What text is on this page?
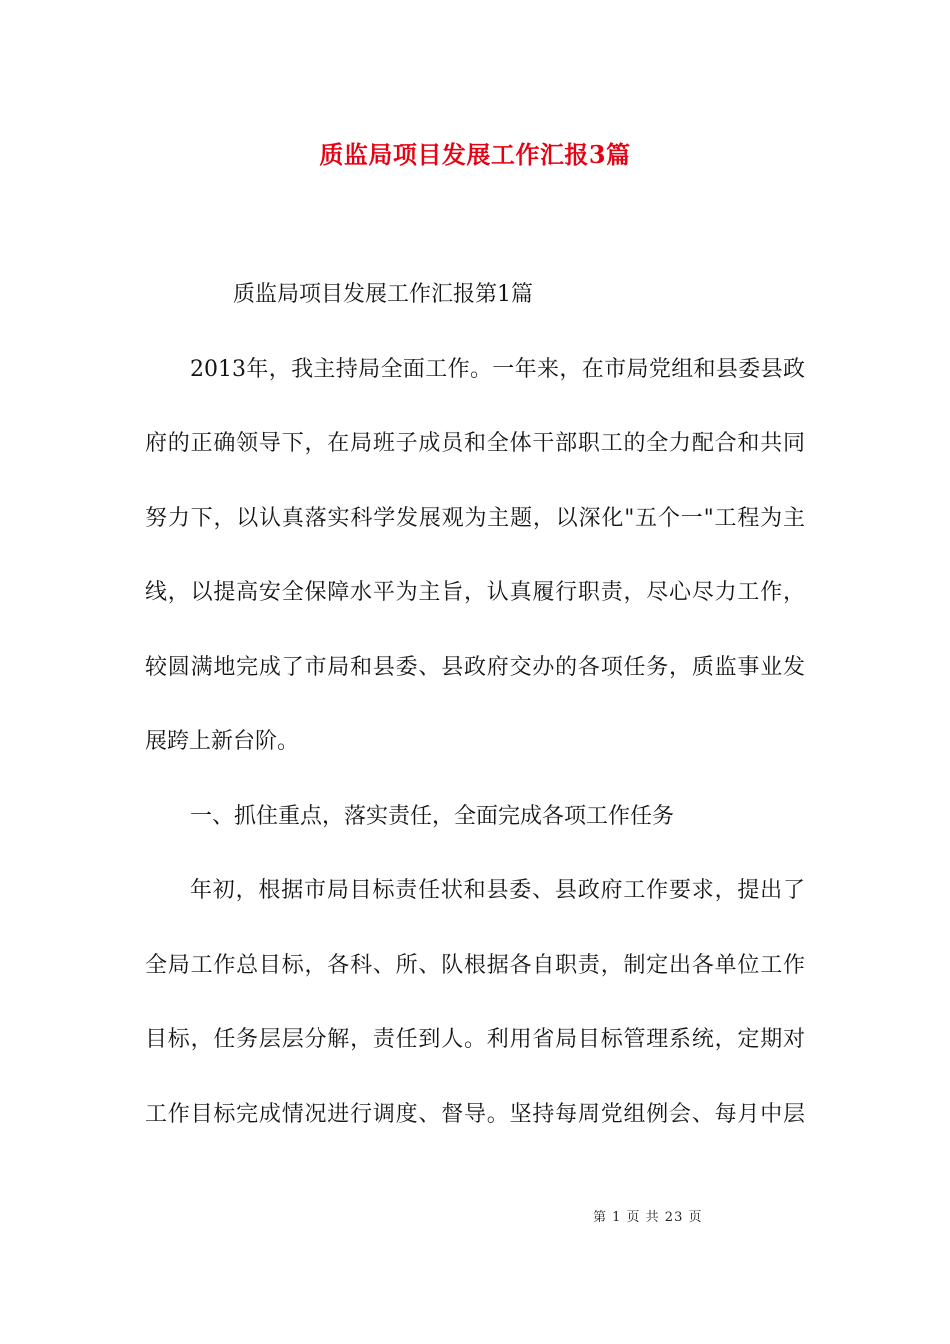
质监局项目发展工作汇报3篇
质监局项目发展工作汇报第1篇
2013年，我主持局全面工作。一年来，在市局党组和县委县政
府的正确领导下，在局班子成员和全体干部职工的全力配合和共同
努力下，以认真落实科学发展观为主题，以深化"五个一"工程为主
线，以提高安全保障水平为主旨，认真履行职责，尽心尽力工作，
较圆满地完成了市局和县委、县政府交办的各项任务，质监事业发
展跨上新台阶。
一、抓住重点，落实责任，全面完成各项工作任务
年初，根据市局目标责任状和县委、县政府工作要求，提出了
全局工作总目标，各科、所、队根据各自职责，制定出各单位工作
目标，任务层层分解，责任到人。利用省局目标管理系统，定期对
工作目标完成情况进行调度、督导。坚持每周党组例会、每月中层
第 1 页 共 23 页
